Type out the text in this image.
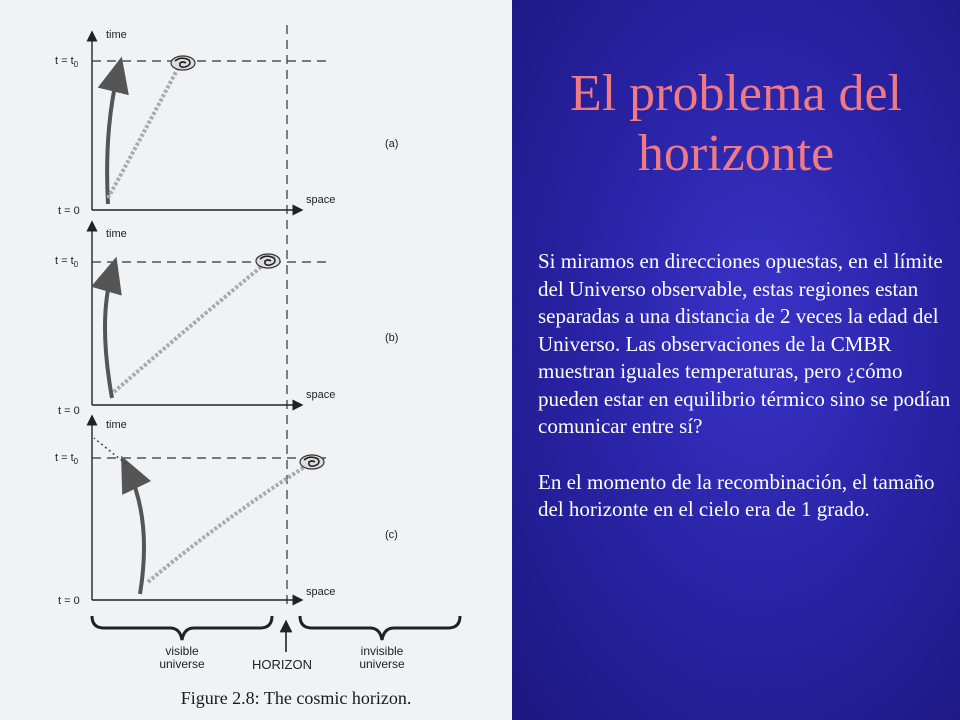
time
space
$t = t_0$
t = 0
(a)
time
space
$t = t_0$
(b)
time
space
$t = t_0$
t = 0
t = 0
(c)
visible
universe	HORIZON
invisible
universe
Figure 2.8: The cosmic horizon.
El problema del
horizonte

Si miramos en direcciones opuestas, en el límite del Universo observable, estas regiones estan separadas a una distancia de 2 veces la edad del Universo. Las observaciones de la CMBR muestran iguales temperaturas, pero ¿cómo pueden estar en equilibrio térmico sino se podían comunicar entre sí?

En el momento de la recombinación, el tamaño del horizonte en el cielo era de 1 grado.
